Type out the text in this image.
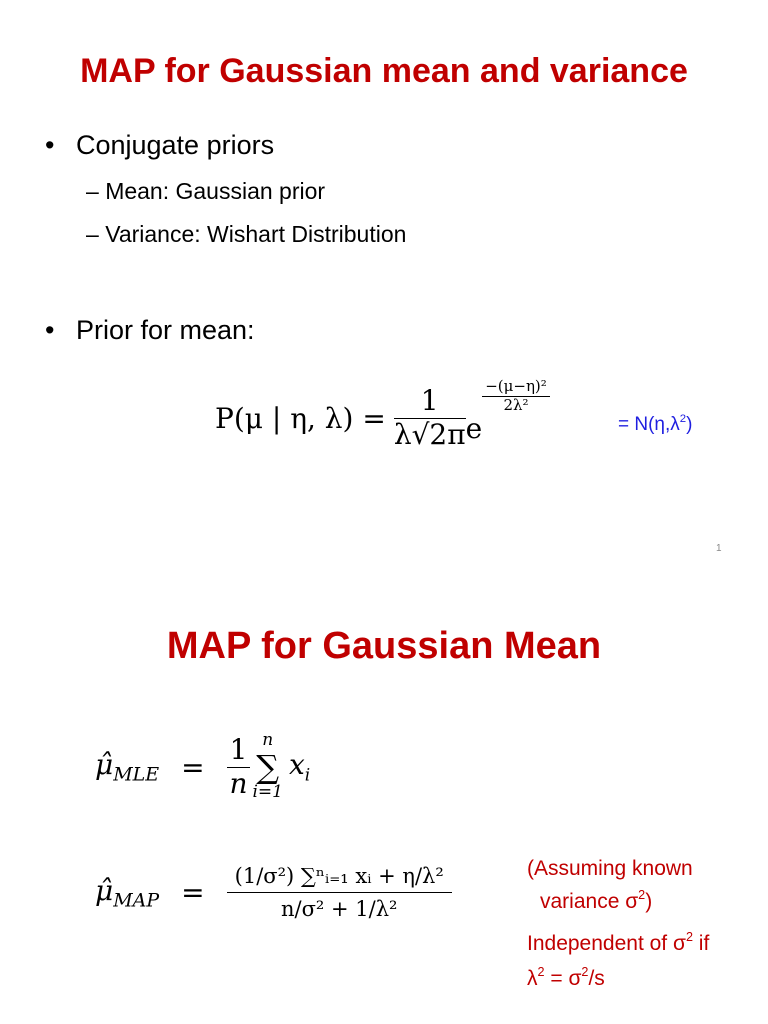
MAP for Gaussian mean and variance
• Conjugate priors
– Mean: Gaussian prior
– Variance: Wishart Distribution
• Prior for mean:
P(μ | η, $\lambda) = \frac{1}{\lambda√2\pi}$ e
$\frac{\text{−(μ−η)²}}{\text{2λ²}}$
= $N(\eta,\lambda^2)$
1
MAP for Gaussian Mean
$\mû_{MLE} = \frac{1}{n}$ n
∑
i=1
$x_i$
$\mû_{MAP} = \frac{\text{(1/σ²) ∑ⁿᵢ₌₁ xᵢ + η/λ²}}{\text{n/σ² + 1/λ²}}$	(Assuming known
variance $\sigma^2$)
Independent of $\sigma^2$ if
$\lambda^2 = \sigma^2/s$
